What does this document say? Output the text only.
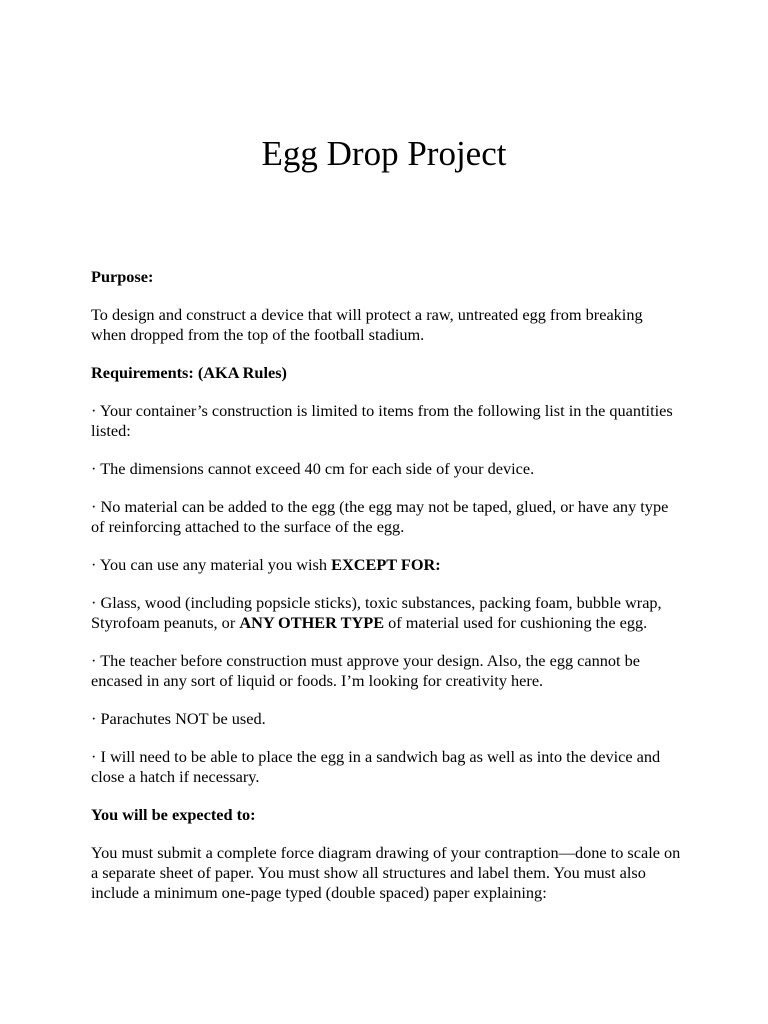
Egg Drop Project

Purpose:

To design and construct a device that will protect a raw, untreated egg from breaking when dropped from the top of the football stadium.

Requirements: (AKA Rules)

· Your container’s construction is limited to items from the following list in the quantities listed:

· The dimensions cannot exceed 40 cm for each side of your device.

· No material can be added to the egg (the egg may not be taped, glued, or have any type of reinforcing attached to the surface of the egg.

· You can use any material you wish EXCEPT FOR:

· Glass, wood (including popsicle sticks), toxic substances, packing foam, bubble wrap, Styrofoam peanuts, or ANY OTHER TYPE of material used for cushioning the egg.

· The teacher before construction must approve your design. Also, the egg cannot be encased in any sort of liquid or foods. I’m looking for creativity here.

· Parachutes NOT be used.

· I will need to be able to place the egg in a sandwich bag as well as into the device and close a hatch if necessary.

You will be expected to:

You must submit a complete force diagram drawing of your contraption—done to scale on a separate sheet of paper. You must show all structures and label them. You must also include a minimum one-page typed (double spaced) paper explaining:
